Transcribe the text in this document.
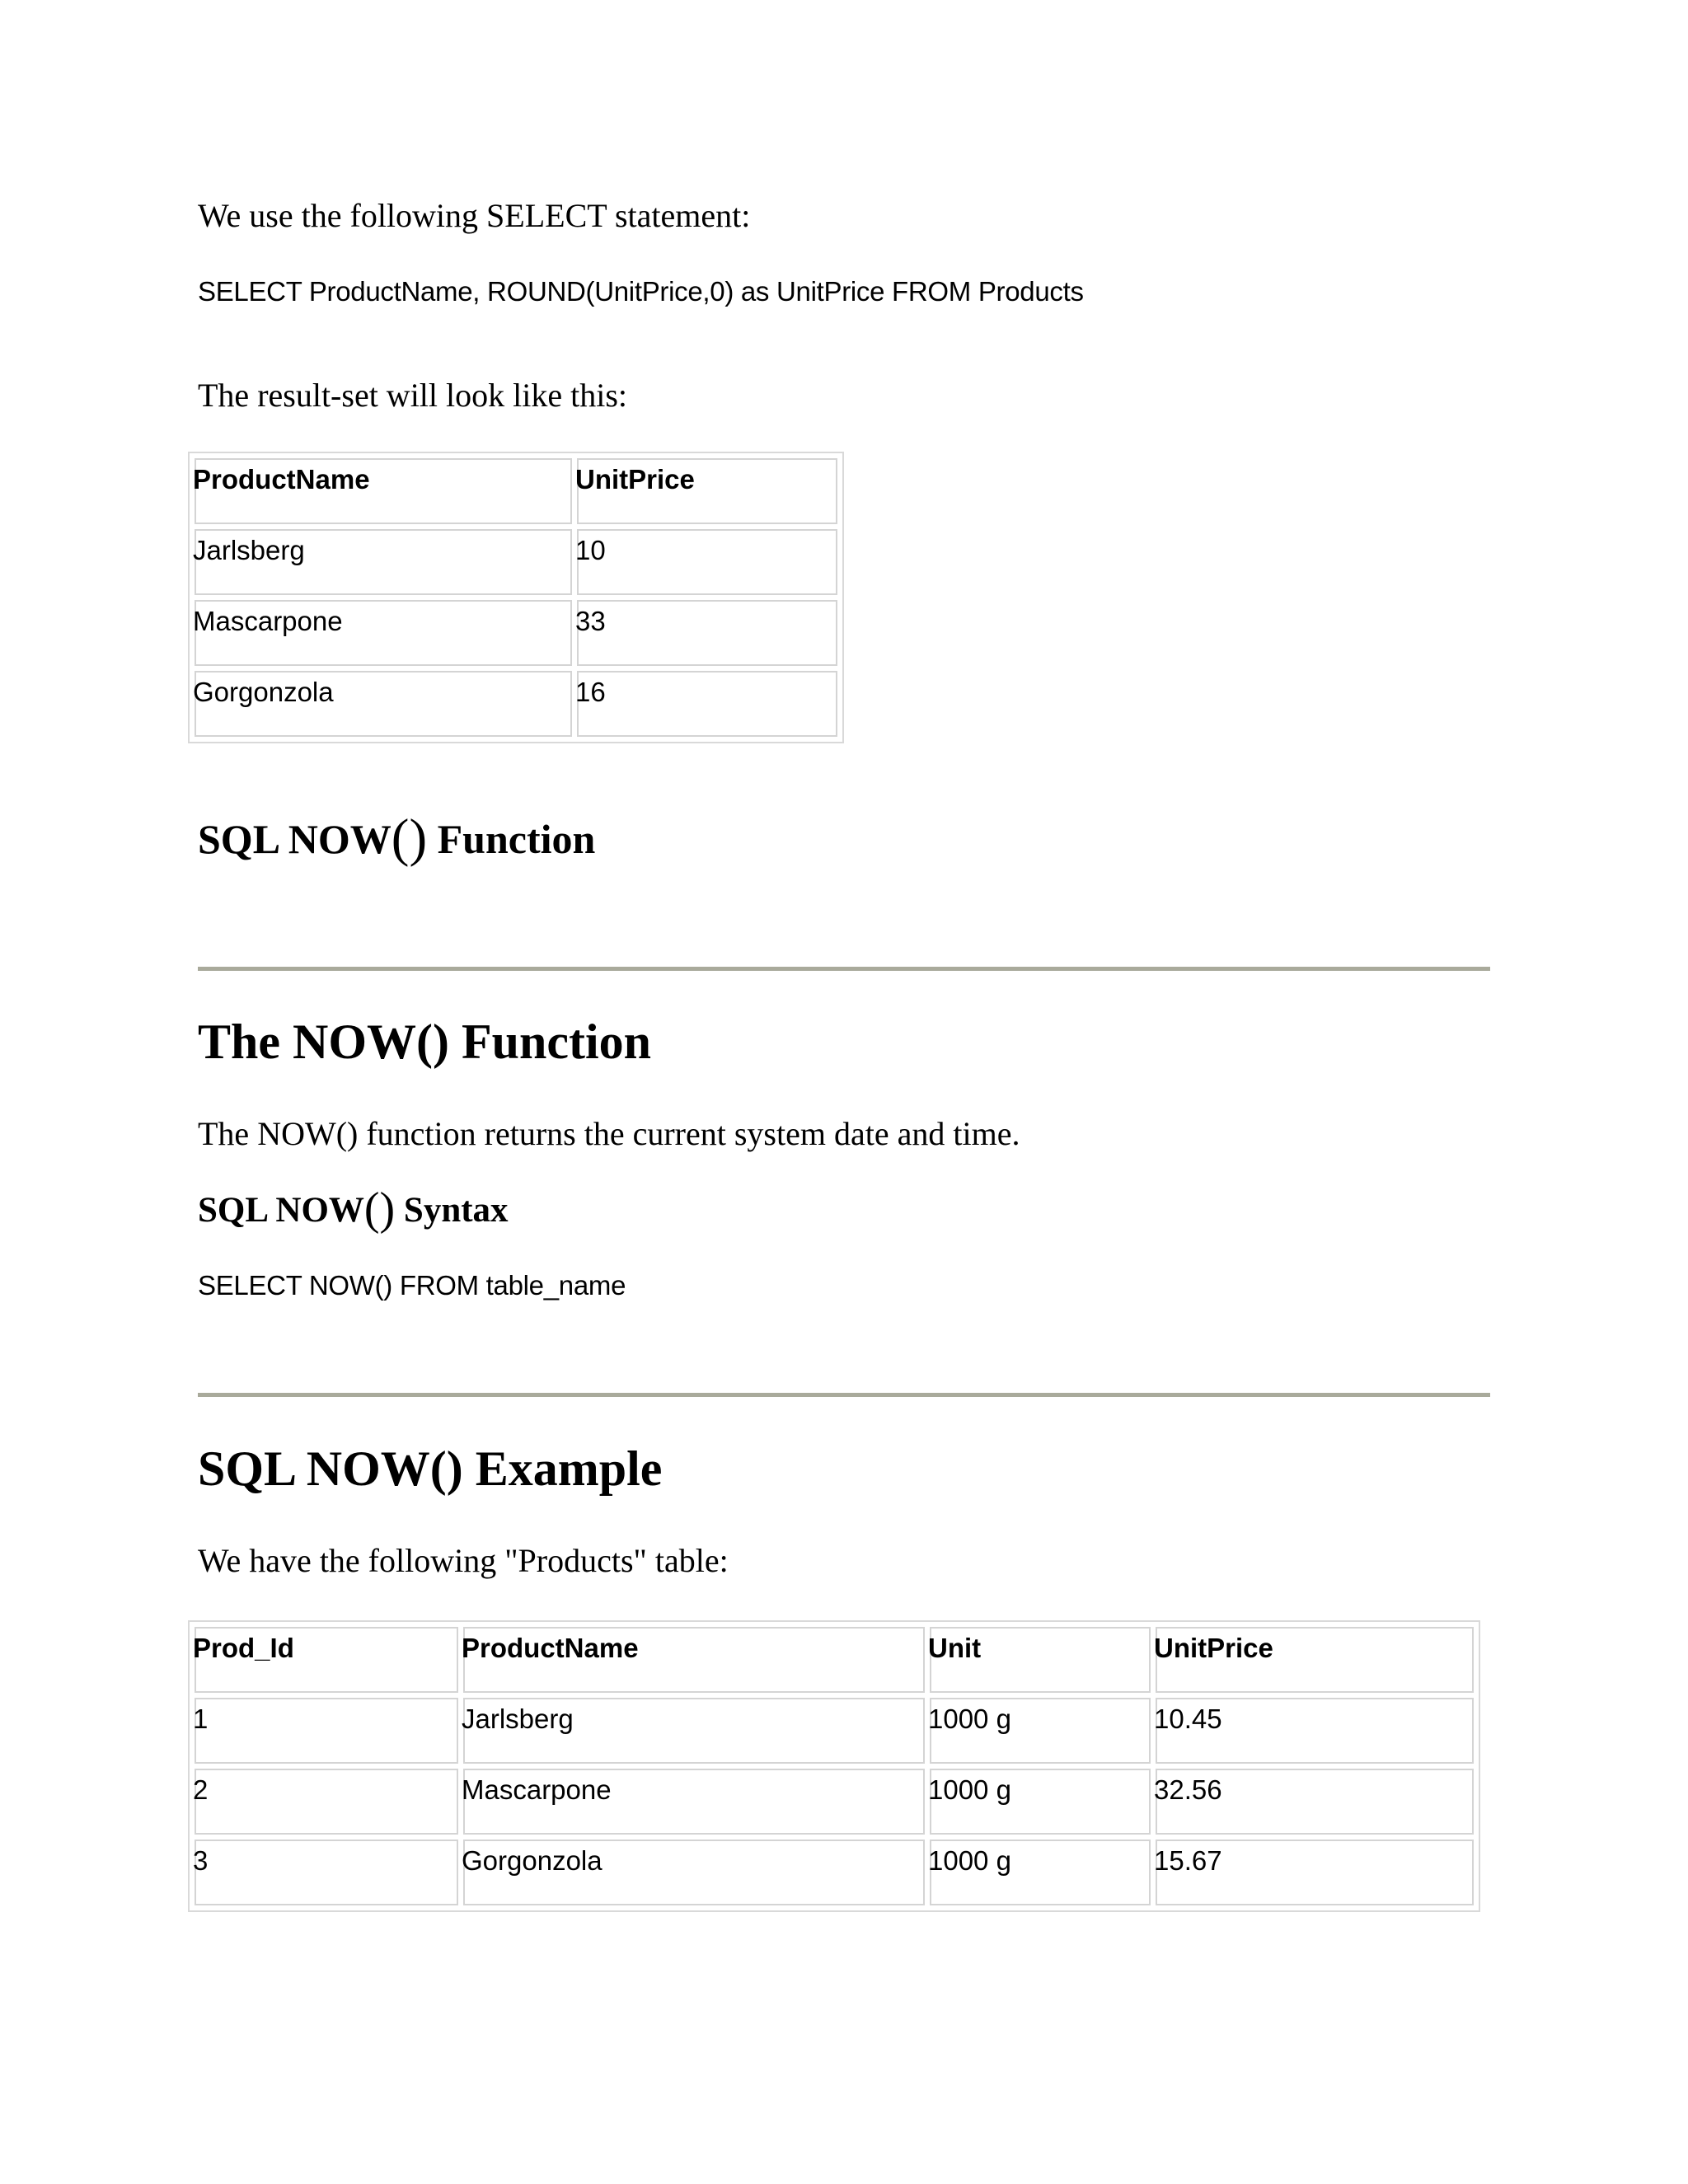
We use the following SELECT statement:

SELECT ProductName, ROUND(UnitPrice,0) as UnitPrice FROM Products

The result-set will look like this:

ProductName	UnitPrice

Jarlsberg	10

Mascarpone	33

Gorgonzola	16
SQL NOW() Function
The NOW() Function

The NOW() function returns the current system date and time.

SQL NOW() Syntax

SELECT NOW() FROM table_name

SQL NOW() Example

We have the following "Products" table:

Prod_Id	ProductName	Unit	UnitPrice

1	Jarlsberg	1000 g	10.45

2	Mascarpone	1000 g	32.56

3	Gorgonzola	1000 g	15.67
